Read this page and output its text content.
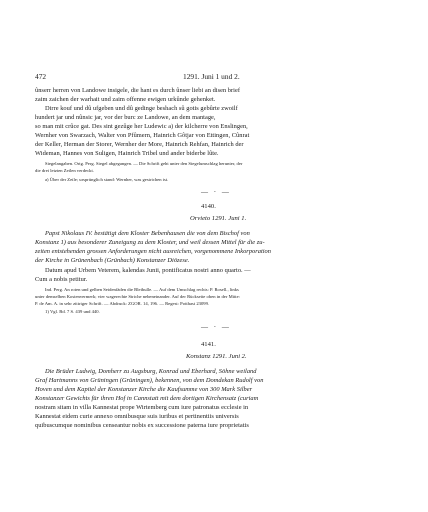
472	1291. Juni 1 und 2.
ûnserr herren von Landowe insigele, die hant es durch ûnser liebi an disen brief
zaim zaichen der warhait und zaim offenne ewigen urkûnde gehenket.
Dirre kouf und dû ufgeben und dû gedinge beshach sû gotis gebûrte zwoilf
hundert jar und nûnsic jar, vor der burc ze Landowe, an dem mantage,
so man mit crûce gat. Des sint gezûge her Ludewic a) der kilcherre von Enslingen,
Wernher von Swarzach, Walter von Pfûmern, Hainrich Gôtjar von Ettingen, Cûnrat
der Keller, Herman der Storer, Wernher der More, Hainrich Rehfan, Hainrich der
Wideman, Hannes von Suligen, Hainrich Tribel und ander biderbe lûte.
Siegelangaben. Orig. Perg. Siegel abgegangen. — Die Schrift geht unter den Siegelumschlag herunter, der
die drei letzten Zeilen verdeckt.
a) Über der Zeile; ursprünglich stand: Wernher, was gestrichen ist.
— · —
4140.
Orvieto 1291. Juni 1.
Papst Nikolaus IV. bestätigt dem Kloster Bebenhausen die von dem Bischof von
Konstanz 1) aus besonderer Zuneigung zu dem Kloster, und weil dessen Mittel für die zu-
zeiten entstehenden grossen Anforderungen nicht ausreichen, vorgenommene Inkorporation
der Kirche in Grünenbach (Grünbach) Konstanzer Diözese.
Datum apud Urbem Veterem, kalendas Junii, pontificatus nostri anno quarto. —
Cum a nobis petitur.
Ind. Perg. An roten und gelben Seidenfäden die Bleibulle. — Auf dem Umschlag rechts: P. Rosell., links
unter demselben Kostenvermerk; vier wagerechte Striche nebeneinander. Auf der Rückseite oben in der Mitte:
P. de Am. A. in sehr zittriger Schrift. — Abdruck: ZGOR. 14, 196. — Regest: Potthast 23099.
1) Vgl. Bd. 7 S. 439 und 440.
— · —
4141.
Konstanz 1291. Juni 2.
Die Brüder Ludwig, Domherr zu Augsburg, Konrad und Eberhard, Söhne weiland
Graf Hartmanns von Grüningen (Grüningen), bekennen, von dem Domdekan Rudolf von
Hoven und dem Kapitel der Konstanzer Kirche die Kaufsumme von 300 Mark Silber
Konstanzer Gewichts für ihren Hof in Cannstatt mit dem dortigen Kirchensatz (curiam
nostram sitam in villa Kannestat prope Wirtemberg cum iure patronatus ecclesie in
Kannestat eidem curie annexo omnibusque suis iuribus et pertinentiis universis
quibuscumque nominibus censeantur nobis ex successione paterna iure proprietatis
